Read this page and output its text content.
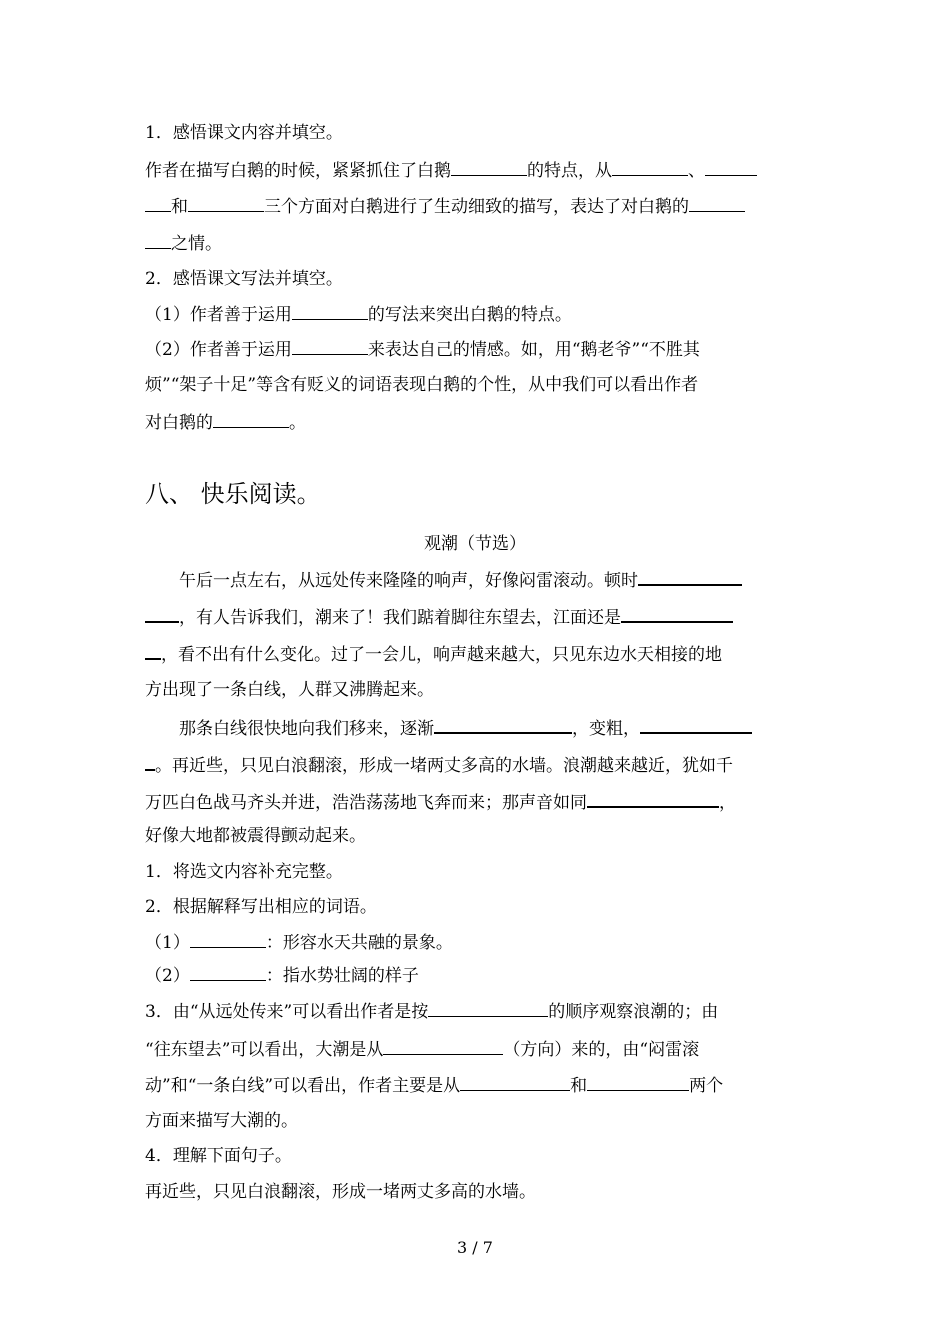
1．感悟课文内容并填空。
作者在描写白鹅的时候，紧紧抓住了白鹅	的特点，从	、
和	三个方面对白鹅进行了生动细致的描写，表达了对白鹅的
之情。
2．感悟课文写法并填空。
（1）作者善于运用	的写法来突出白鹅的特点。
（2）作者善于运用	来表达自己的情感。如，用“鹅老爷”“不胜其
烦”“架子十足”等含有贬义的词语表现白鹅的个性，从中我们可以看出作者
对白鹅的	。
八、 快乐阅读。
观潮（节选）
午后一点左右，从远处传来隆隆的响声，好像闷雷滚动。顿时
，有人告诉我们，潮来了！我们踮着脚往东望去，江面还是
，看不出有什么变化。过了一会儿，响声越来越大，只见东边水天相接的地
方出现了一条白线，人群又沸腾起来。
那条白线很快地向我们移来，逐渐	，变粗，
。再近些，只见白浪翻滚，形成一堵两丈多高的水墙。浪潮越来越近，犹如千
万匹白色战马齐头并进，浩浩荡荡地飞奔而来；那声音如同	，
好像大地都被震得颤动起来。
1．将选文内容补充完整。
2．根据解释写出相应的词语。
（1）	：形容水天共融的景象。
（2）	：指水势壮阔的样子
3．由“从远处传来”可以看出作者是按	的顺序观察浪潮的；由
“往东望去”可以看出，大潮是从	（方向）来的，由“闷雷滚
动”和“一条白线”可以看出，作者主要是从	和	两个
方面来描写大潮的。
4．理解下面句子。
再近些，只见白浪翻滚，形成一堵两丈多高的水墙。
3 / 7
